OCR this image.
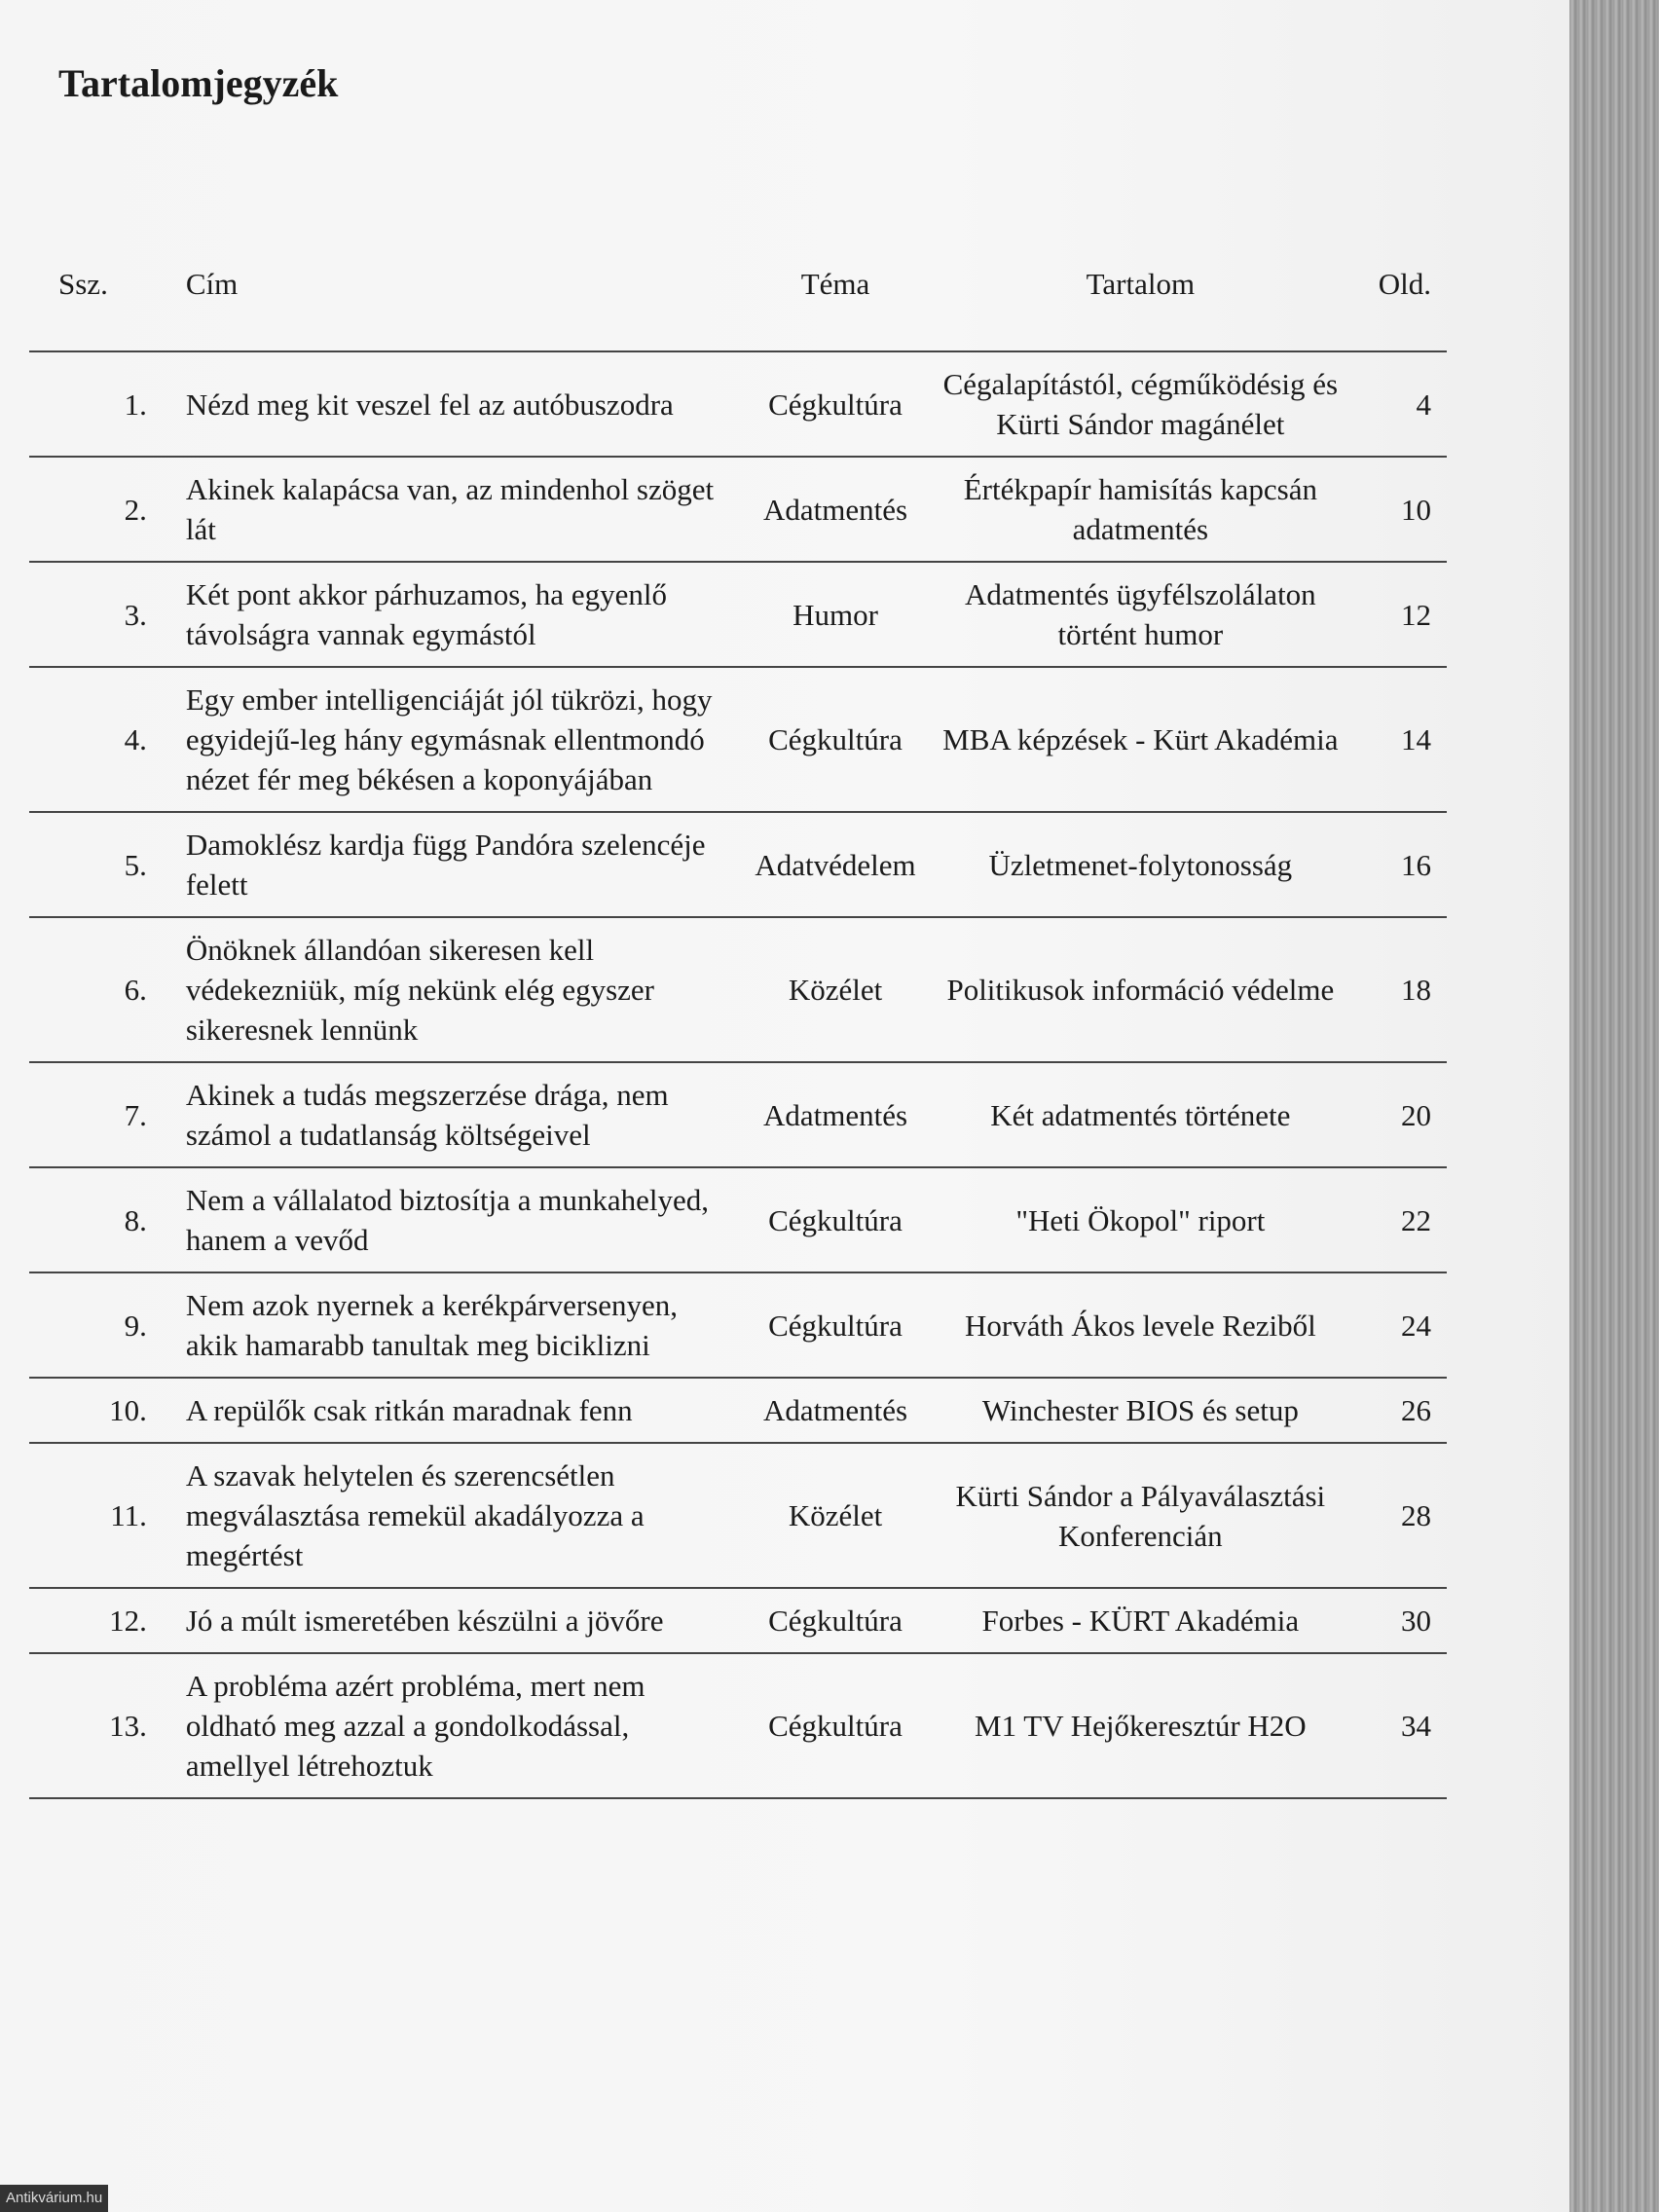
Tartalomjegyzék
Ssz.	Cím	Téma	Tartalom	Old.
1.	Nézd meg kit veszel fel az autóbuszodra	Cégkultúra	Cégalapítástól, cégműködésig és Kürti Sándor magánélet	4
2.	Akinek kalapácsa van, az mindenhol szöget lát	Adatmentés	Értékpapír hamisítás kapcsán adatmentés	10
3.	Két pont akkor párhuzamos, ha egyenlő távolságra vannak egymástól	Humor	Adatmentés ügyfélszolálaton történt humor	12
4.	Egy ember intelligenciáját jól tükrözi, hogy egyidejű-leg hány egymásnak ellentmondó nézet fér meg békésen a koponyájában	Cégkultúra	MBA képzések - Kürt Akadémia	14
5.	Damoklész kardja függ Pandóra szelencéje felett	Adatvédelem	Üzletmenet-folytonosság	16
6.	Önöknek állandóan sikeresen kell védekezniük, míg nekünk elég egyszer sikeresnek lennünk	Közélet	Politikusok információ védelme	18
7.	Akinek a tudás megszerzése drága, nem számol a tudatlanság költségeivel	Adatmentés	Két adatmentés története	20
8.	Nem a vállalatod biztosítja a munkahelyed, hanem a vevőd	Cégkultúra	"Heti Ökopol" riport	22
9.	Nem azok nyernek a kerékpárversenyen, akik hamarabb tanultak meg biciklizni	Cégkultúra	Horváth Ákos levele Reziből	24
10.	A repülők csak ritkán maradnak fenn	Adatmentés	Winchester BIOS és setup	26
11.	A szavak helytelen és szerencsétlen megválasztása remekül akadályozza a megértést	Közélet	Kürti Sándor a Pályaválasztási Konferencián	28
12.	Jó a múlt ismeretében készülni a jövőre	Cégkultúra	Forbes - KÜRT Akadémia	30
13.	A probléma azért probléma, mert nem oldható meg azzal a gondolkodással, amellyel létrehoztuk	Cégkultúra	M1 TV Hejőkeresztúr H2O	34
Antikvárium.hu
